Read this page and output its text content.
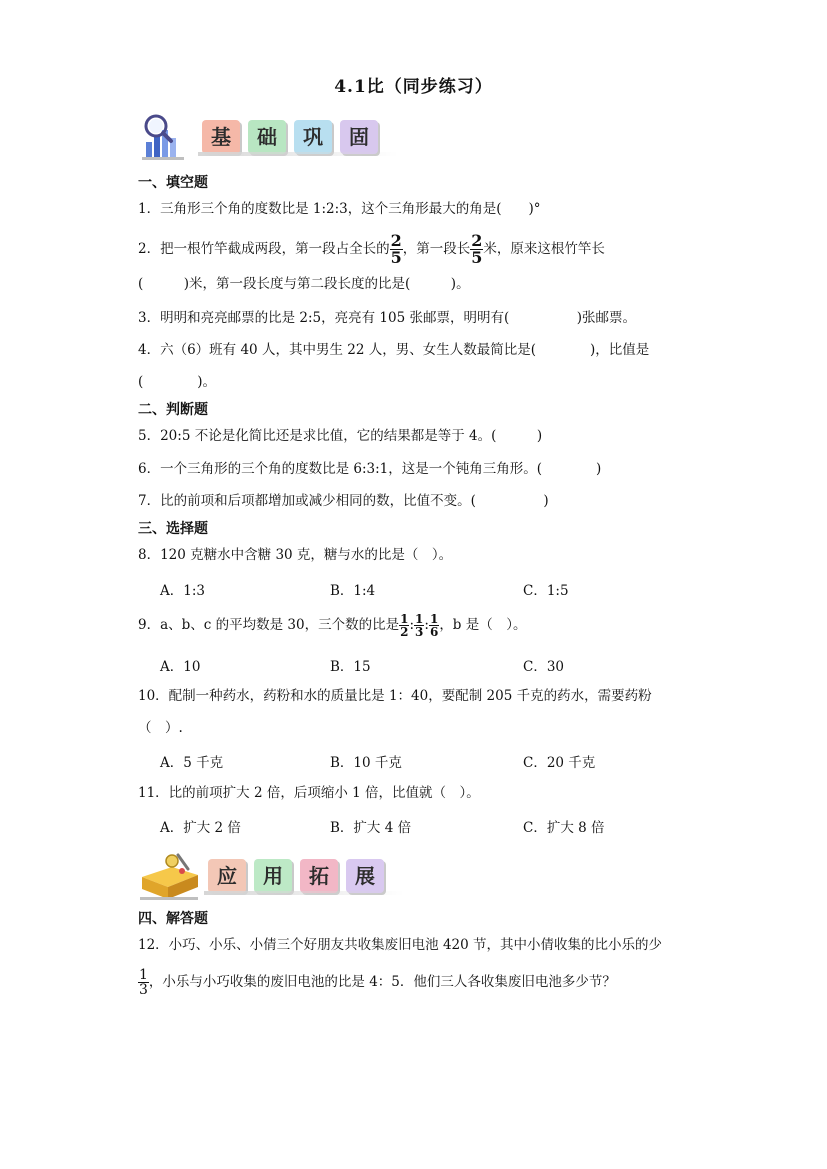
4.1比（同步练习）
基	础	巩	固
一、填空题
1．三角形三个角的度数比是 1:2:3，这个三角形最大的角是(　　)°
2．把一根竹竿截成两段，第一段占全长的 $\frac{2}{5}$ ，第一段长 $\frac{2}{5}$ 米，原来这根竹竿长
(　　　)米，第一段长度与第二段长度的比是(　　　)。
3．明明和亮亮邮票的比是 2:5，亮亮有 105 张邮票，明明有(　　　　　)张邮票。
4．六（6）班有 40 人，其中男生 22 人，男、女生人数最简比是(　　　　)，比值是
(　　　　)。
二、判断题
5．20:5 不论是化简比还是求比值，它的结果都是等于 4。(　　　)
6．一个三角形的三个角的度数比是 6:3:1，这是一个钝角三角形。(　　　　)
7．比的前项和后项都增加或减少相同的数，比值不变。(　　　　　)
三、选择题
8．120 克糖水中含糖 30 克，糖与水的比是（　）。
A．1:3	B．1:4	C．1:5
9．a、b、c 的平均数是 30，三个数的比是 $\frac{1}{2}$ : $\frac{1}{3}$ : $\frac{1}{6}$ ，b 是（　）。
A．10	B．15	C．30
10．配制一种药水，药粉和水的质量比是 1：40，要配制 205 千克的药水，需要药粉
（　）.
A．5 千克	B．10 千克	C．20 千克
11．比的前项扩大 2 倍，后项缩小 1 倍，比值就（　）。
A．扩大 2 倍	B．扩大 4 倍	C．扩大 8 倍
应	用	拓	展
四、解答题
12．小巧、小乐、小倩三个好朋友共收集废旧电池 420 节，其中小倩收集的比小乐的少
$\frac{1}{3}$ ，小乐与小巧收集的废旧电池的比是 4：5．他们三人各收集废旧电池多少节？
